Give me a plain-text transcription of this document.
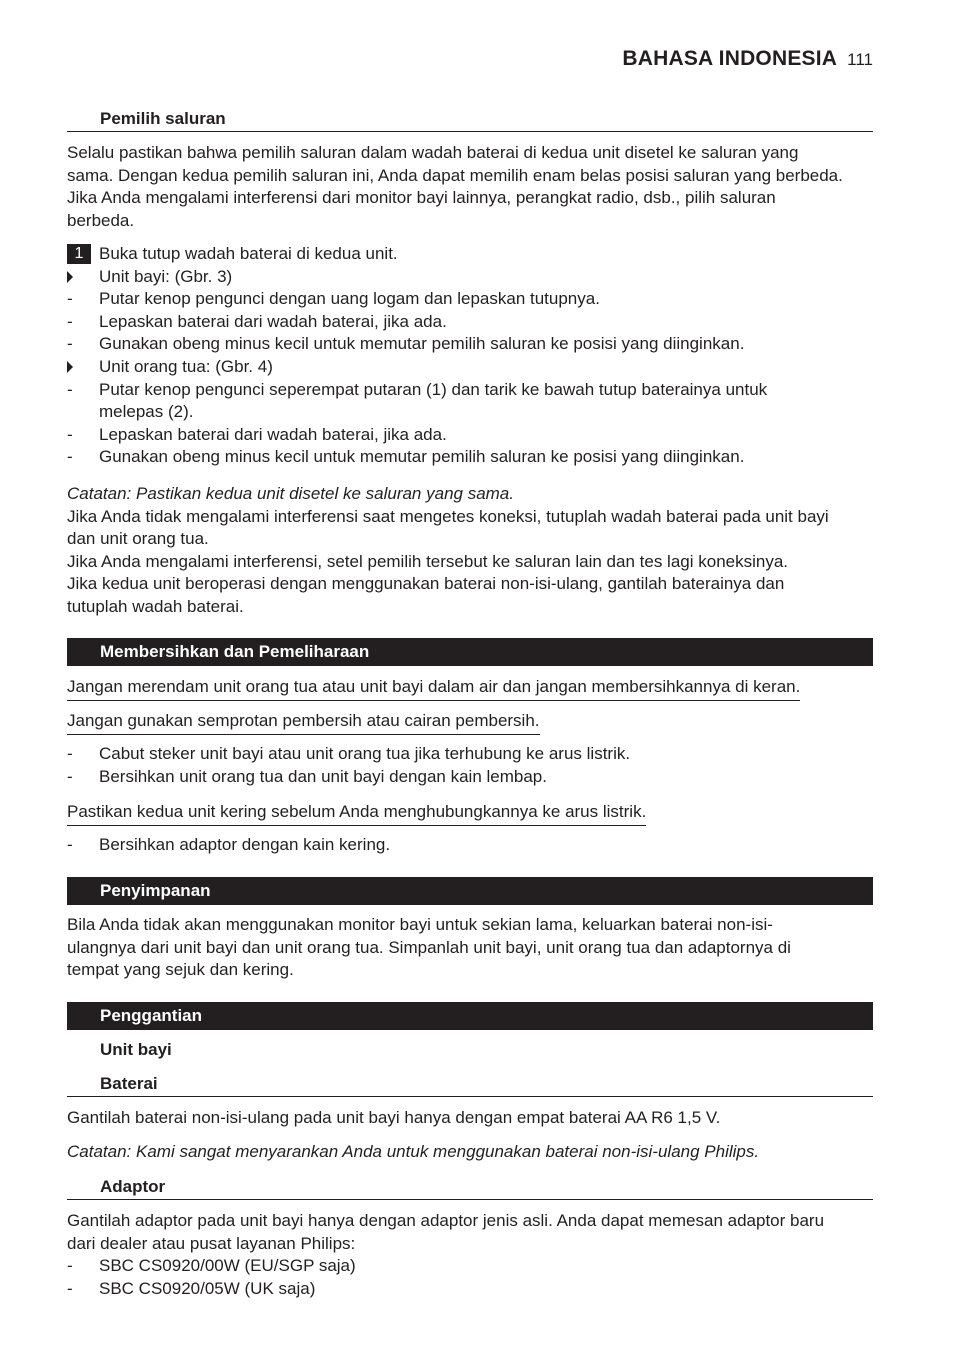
BAHASA INDONESIA 111
Pemilih saluran

Selalu pastikan bahwa pemilih saluran dalam wadah baterai di kedua unit disetel ke saluran yang

sama. Dengan kedua pemilih saluran ini, Anda dapat memilih enam belas posisi saluran yang berbeda.

Jika Anda mengalami interferensi dari monitor bayi lainnya, perangkat radio, dsb., pilih saluran

berbeda.

1 Buka tutup wadah baterai di kedua unit.
Unit bayi: (Gbr. 3)
- Putar kenop pengunci dengan uang logam dan lepaskan tutupnya.
- Lepaskan baterai dari wadah baterai, jika ada.
- Gunakan obeng minus kecil untuk memutar pemilih saluran ke posisi yang diinginkan.
Unit orang tua: (Gbr. 4)
- Putar kenop pengunci seperempat putaran (1) dan tarik ke bawah tutup baterainya untuk
melepas (2).
- Lepaskan baterai dari wadah baterai, jika ada.
- Gunakan obeng minus kecil untuk memutar pemilih saluran ke posisi yang diinginkan.

Catatan: Pastikan kedua unit disetel ke saluran yang sama.

Jika Anda tidak mengalami interferensi saat mengetes koneksi, tutuplah wadah baterai pada unit bayi

dan unit orang tua.

Jika Anda mengalami interferensi, setel pemilih tersebut ke saluran lain dan tes lagi koneksinya.

Jika kedua unit beroperasi dengan menggunakan baterai non-isi-ulang, gantilah baterainya dan

tutuplah wadah baterai.

Membersihkan dan Pemeliharaan
Jangan merendam unit orang tua atau unit bayi dalam air dan jangan membersihkannya di keran.
Jangan gunakan semprotan pembersih atau cairan pembersih.
- Cabut steker unit bayi atau unit orang tua jika terhubung ke arus listrik.
- Bersihkan unit orang tua dan unit bayi dengan kain lembap.
Pastikan kedua unit kering sebelum Anda menghubungkannya ke arus listrik.
- Bersihkan adaptor dengan kain kering.
Penyimpanan

Bila Anda tidak akan menggunakan monitor bayi untuk sekian lama, keluarkan baterai non-isi-

ulangnya dari unit bayi dan unit orang tua. Simpanlah unit bayi, unit orang tua dan adaptornya di

tempat yang sejuk dan kering.

Penggantian
Unit bayi
Baterai

Gantilah baterai non-isi-ulang pada unit bayi hanya dengan empat baterai AA R6 1,5 V.

Catatan: Kami sangat menyarankan Anda untuk menggunakan baterai non-isi-ulang Philips.

Adaptor

Gantilah adaptor pada unit bayi hanya dengan adaptor jenis asli. Anda dapat memesan adaptor baru

dari dealer atau pusat layanan Philips:

- SBC CS0920/00W (EU/SGP saja)
- SBC CS0920/05W (UK saja)
